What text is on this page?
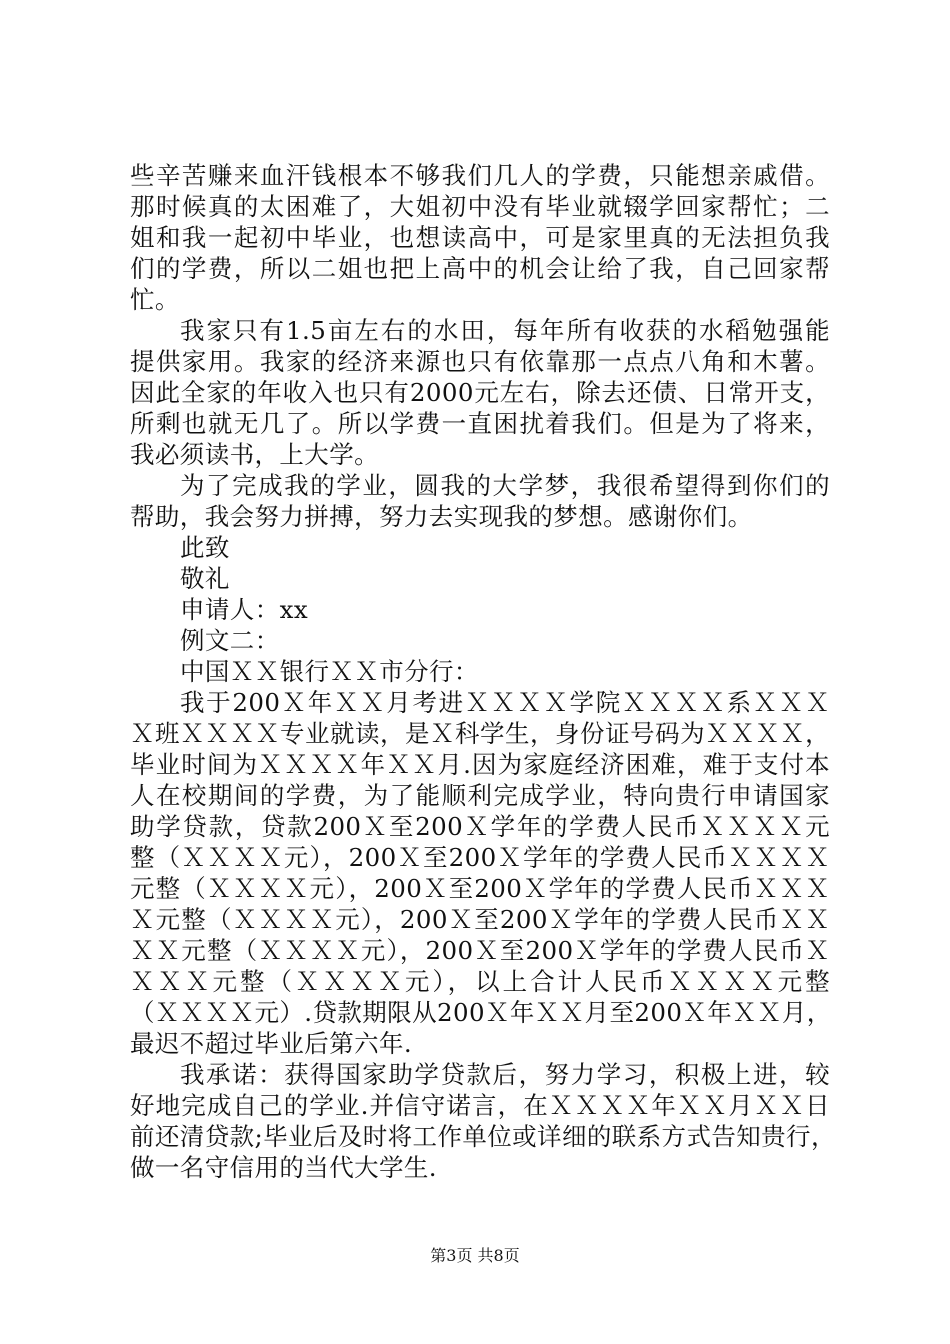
些辛苦赚来血汗钱根本不够我们几人的学费，只能想亲戚借。
那时候真的太困难了，大姐初中没有毕业就辍学回家帮忙；二
姐和我一起初中毕业，也想读高中，可是家里真的无法担负我
们的学费，所以二姐也把上高中的机会让给了我，自己回家帮
忙。
我家只有1.5亩左右的水田，每年所有收获的水稻勉强能
提供家用。我家的经济来源也只有依靠那一点点八角和木薯。
因此全家的年收入也只有2000元左右，除去还债、日常开支，
所剩也就无几了。所以学费一直困扰着我们。但是为了将来，
我必须读书，上大学。
为了完成我的学业，圆我的大学梦，我很希望得到你们的
帮助，我会努力拼搏，努力去实现我的梦想。感谢你们。
此致
敬礼
申请人：xx
例文二：
中国ＸＸ银行ＸＸ市分行：
我于200Ｘ年ＸＸ月考进ＸＸＸＸ学院ＸＸＸＸ系ＸＸＸ
Ｘ班ＸＸＸＸ专业就读，是Ｘ科学生，身份证号码为ＸＸＸＸ，
毕业时间为ＸＸＸＸ年ＸＸ月.因为家庭经济困难，难于支付本
人在校期间的学费，为了能顺利完成学业，特向贵行申请国家
助学贷款，贷款200Ｘ至200Ｘ学年的学费人民币ＸＸＸＸ元
整（ＸＸＸＸ元），200Ｘ至200Ｘ学年的学费人民币ＸＸＸＸ
元整（ＸＸＸＸ元），200Ｘ至200Ｘ学年的学费人民币ＸＸＸ
Ｘ元整（ＸＸＸＸ元），200Ｘ至200Ｘ学年的学费人民币ＸＸ
ＸＸ元整（ＸＸＸＸ元），200Ｘ至200Ｘ学年的学费人民币Ｘ
ＸＸＸ元整（ＸＸＸＸ元），以上合计人民币ＸＸＸＸ元整
（ＸＸＸＸ元）.贷款期限从200Ｘ年ＸＸ月至200Ｘ年ＸＸ月，
最迟不超过毕业后第六年.
我承诺：获得国家助学贷款后，努力学习，积极上进，较
好地完成自己的学业.并信守诺言，在ＸＸＸＸ年ＸＸ月ＸＸ日
前还清贷款;毕业后及时将工作单位或详细的联系方式告知贵行，
做一名守信用的当代大学生.
第3页 共8页
